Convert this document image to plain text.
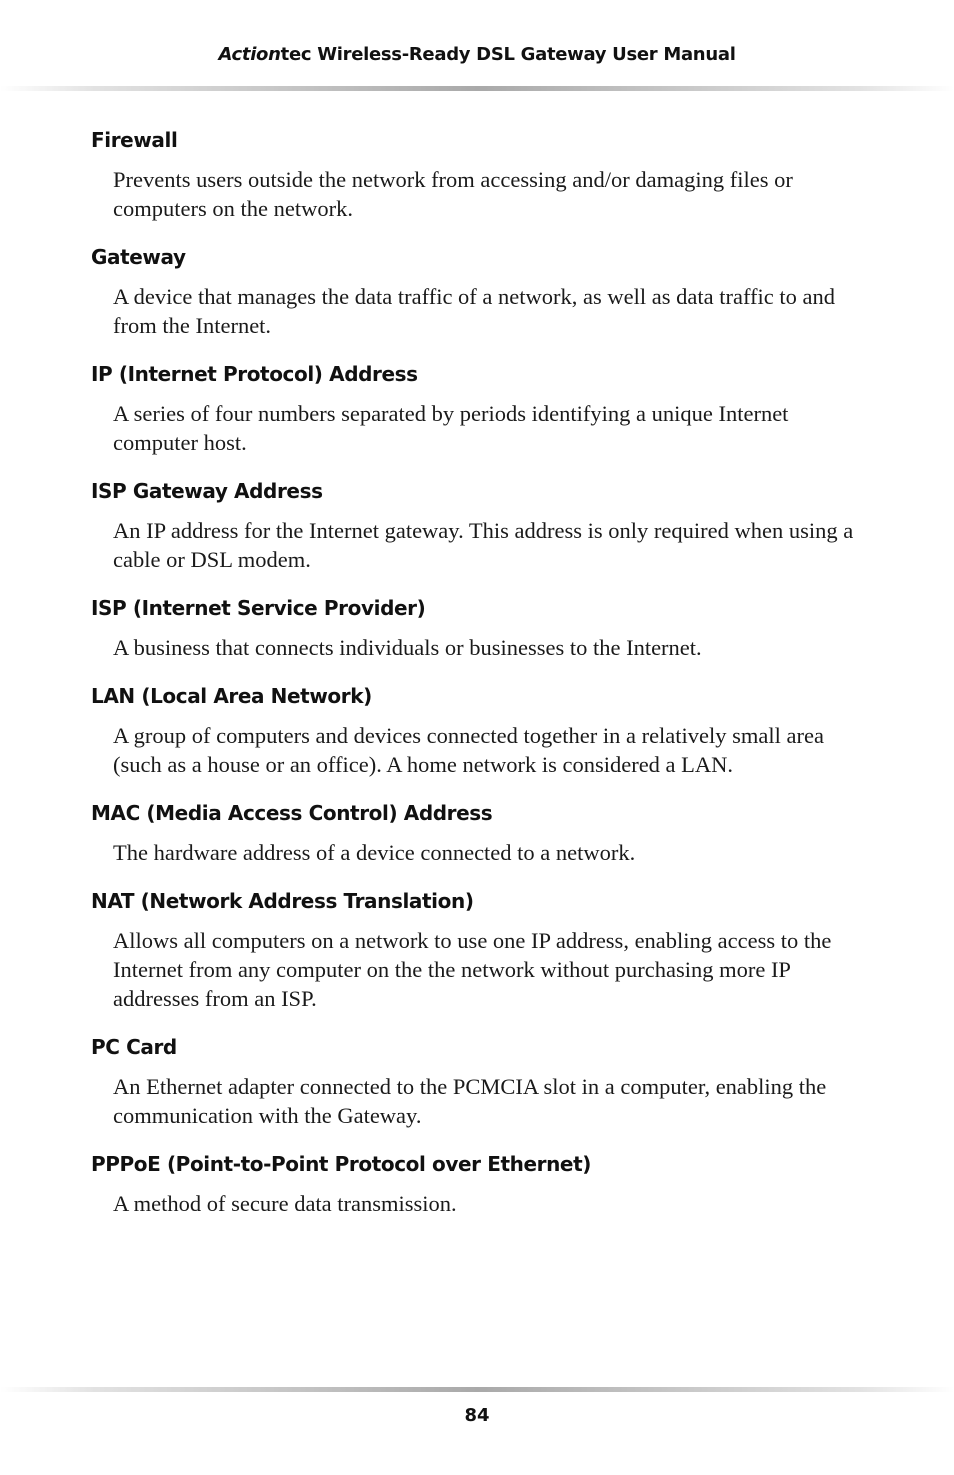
Actiontec Wireless-Ready DSL Gateway User Manual
Firewall
Prevents users outside the network from accessing and/or damaging files or computers on the network.
Gateway
A device that manages the data traffic of a network, as well as data traffic to and from the Internet.
IP (Internet Protocol) Address
A series of four numbers separated by periods identifying a unique Internet computer host.
ISP Gateway Address
An IP address for the Internet gateway. This address is only required when using a cable or DSL modem.
ISP (Internet Service Provider)
A business that connects individuals or businesses to the Internet.
LAN (Local Area Network)
A group of computers and devices connected together in a relatively small area (such as a house or an office). A home network is considered a LAN.
MAC (Media Access Control) Address
The hardware address of a device connected to a network.
NAT (Network Address Translation)
Allows all computers on a network to use one IP address, enabling access to the Internet from any computer on the the network without purchasing more IP addresses from an ISP.
PC Card
An Ethernet adapter connected to the PCMCIA slot in a computer, enabling the communication with the Gateway.
PPPoE (Point-to-Point Protocol over Ethernet)
A method of secure data transmission.
84
